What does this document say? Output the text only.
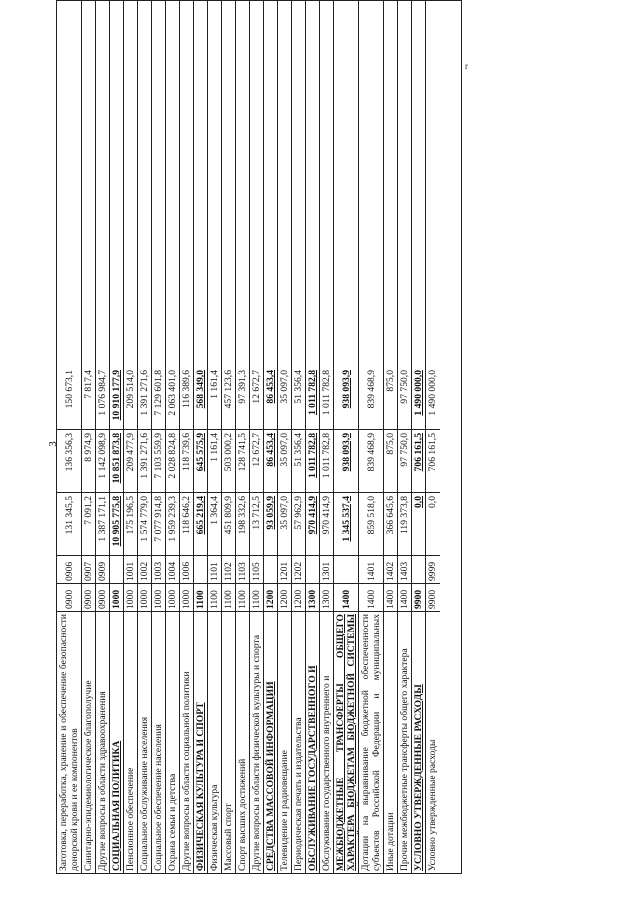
3
r
Заготовка, переработка, хранение и обеспечение безопасности донорской крови и ее компонентов
0900
0906
131 345,5
136 356,3
150 673,1
Санитарно-эпидемиологическое благополучие
0900
0907
7 091,2
8 974,9
7 817,4
Другие вопросы в области здравоохранения
0900
0909
1 387 171,1
1 142 098,9
1 076 984,7
СОЦИАЛЬНАЯ ПОЛИТИКА
1000
10 905 775,8
10 851 873,8
10 910 177,9
Пенсионное обеспечение
1000
1001
175 196,5
209 477,9
209 514,0
Социальное обслуживание населения
1000
1002
1 574 779,0
1 391 271,6
1 391 271,6
Социальное обеспечение населения
1000
1003
7 077 914,8
7 103 559,9
7 129 601,8
Охрана семьи и детства
1000
1004
1 959 239,3
2 028 824,8
2 063 401,0
Другие вопросы в области социальной политики
1000
1006
118 646,2
118 739,6
116 389,6
ФИЗИЧЕСКАЯ КУЛЬТУРА И СПОРТ
1100
665 219,4
645 575,9
568 349,0
Физическая культура
1100
1101
1 364,4
1 161,4
1 161,4
Массовый спорт
1100
1102
451 809,9
503 000,2
457 123,6
Спорт высших достижений
1100
1103
198 332,6
128 741,5
97 391,3
Другие вопросы в области физической культуры и спорта
1100
1105
13 712,5
12 672,7
12 672,7
СРЕДСТВА МАССОВОЙ ИНФОРМАЦИИ
1200
93 059,9
86 453,4
86 453,4
Телевидение и радиовещание
1200
1201
35 097,0
35 097,0
35 097,0
Периодическая печать и издательства
1200
1202
57 962,9
51 356,4
51 356,4
ОБСЛУЖИВАНИЕ ГОСУДАРСТВЕННОГО И
1300
970 414,9
1 011 782,8
1 011 782,8
Обслуживание государственного внутреннего и
1300
1301
970 414,9
1 011 782,8
1 011 782,8
МЕЖБЮДЖЕТНЫЕ ТРАНСФЕРТЫ ОБЩЕГО ХАРАКТЕРА БЮДЖЕТАМ БЮДЖЕТНОЙ СИСТЕМЫ
1400
1 345 537,4
938 093,9
938 093,9
Дотации на выравнивание бюджетной обеспеченности субъектов Российской Федерации и муниципальных
1400
1401
859 518,0
839 468,9
839 468,9
Иные дотации
1400
1402
366 645,6
875,0
875,0
Прочие межбюджетные трансферты общего характера
1400
1403
119 373,8
97 750,0
97 750,0
УСЛОВНО УТВЕРЖДЕННЫЕ РАСХОДЫ
9900
0,0
706 161,5
1 490 000,0
Условно утвержденные расходы
9900
9999
0,0
706 161,5
1 490 000,0
